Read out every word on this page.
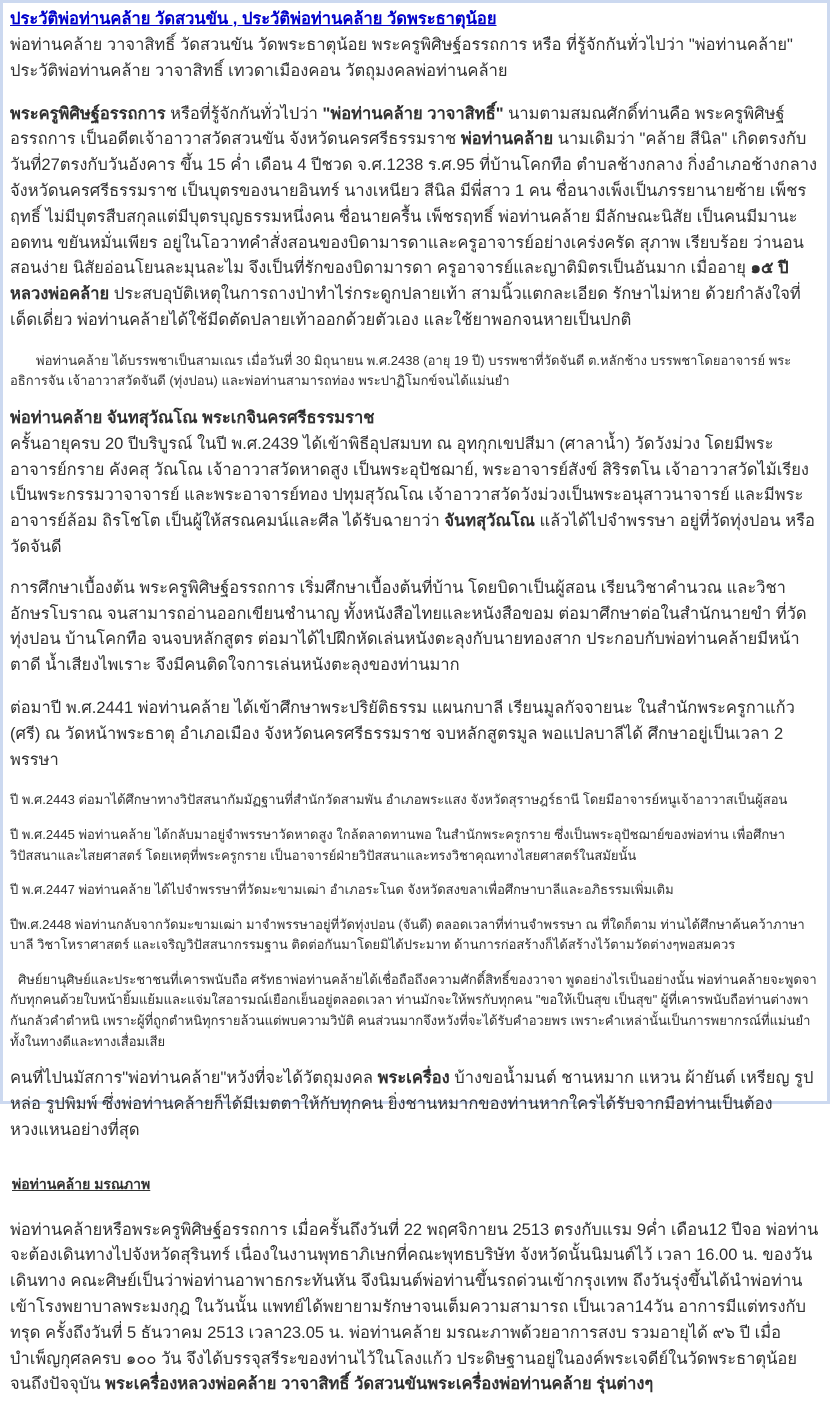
ประวัติพ่อท่านคล้าย วัดสวนขัน , ประวัติพ่อท่านคล้าย วัดพระธาตุน้อย

พ่อท่านคล้าย วาจาสิทธิ์ วัดสวนขัน วัดพระธาตุน้อย พระครูพิศิษฐ์อรรถการ หรือ ที่รู้จักกันทั่วไปว่า "พ่อท่านคล้าย" ประวัติพ่อท่านคล้าย วาจาสิทธิ์ เทวดาเมืองคอน วัตถุมงคลพ่อท่านคล้าย

พระครูพิศิษฐ์อรรถการ หรือที่รู้จักกันทั่วไปว่า "พ่อท่านคล้าย วาจาสิทธิ์" นามตามสมณศักดิ์ท่านคือ พระครูพิศิษฐ์อรรถการ เป็นอดีตเจ้าอาวาสวัดสวนขัน จังหวัดนครศรีธรรมราช พ่อท่านคล้าย นามเดิมว่า "คล้าย สีนิล" เกิดตรงกับ วันที่27ตรงกับวันอังคาร ขึ้น 15 ค่ำ เดือน 4 ปีชวด จ.ศ.1238 ร.ศ.95 ที่บ้านโคกทือ ตำบลช้างกลาง กิ่งอำเภอช้างกลาง จังหวัดนครศรีธรรมราช เป็นบุตรของนายอินทร์ นางเหนียว สีนิล มีพี่สาว 1 คน ชื่อนางเพ็งเป็นภรรยานายซ้าย เพ็ชรฤทธิ์ ไม่มีบุตรสืบสกุลแต่มีบุตรบุญธรรมหนึ่งคน ชื่อนายครื้น เพ็ชรฤทธิ์ พ่อท่านคล้าย มีลักษณะนิสัย เป็นคนมีมานะอดทน ขยันหมั่นเพียร อยู่ในโอวาทคำสั่งสอนของบิดามารดาและครูอาจารย์อย่างเคร่งครัด สุภาพ เรียบร้อย ว่านอนสอนง่าย นิสัยอ่อนโยนละมุนละไม จึงเป็นที่รักของบิดามารดา ครูอาจารย์และญาติมิตรเป็นอันมาก เมื่ออายุ ๑๕ ปี หลวงพ่อคล้าย ประสบอุบัติเหตุในการถางป่าทำไร่กระดูกปลายเท้า สามนิ้วแตกละเอียด รักษาไม่หาย ด้วยกำลังใจที่เด็ดเดี่ยว พ่อท่านคล้ายได้ใช้มีดตัดปลายเท้าออกด้วยตัวเอง และใช้ยาพอกจนหายเป็นปกติ

พ่อท่านคล้าย ได้บรรพชาเป็นสามเณร เมื่อวันที่ 30 มิถุนายน พ.ศ.2438 (อายุ 19 ปี) บรรพชาที่วัดจันดี ต.หลักช้าง บรรพชาโดยอาจารย์ พระอธิการจัน เจ้าอาวาสวัดจันดี (ทุ่งปอน) และพ่อท่านสามารถท่อง พระปาฏิโมกข์จนได้แม่นยำ

พ่อท่านคล้าย จันทสุวัณโณ พระเกจินครศรีธรรมราช

ครั้นอายุครบ 20 ปีบริบูรณ์ ในปี พ.ศ.2439 ได้เข้าพิธีอุปสมบท ณ อุทกุกเขปสีมา (ศาลาน้ำ) วัดวังม่วง โดยมีพระอาจารย์กราย คังคสุ วัณโณ เจ้าอาวาสวัดหาดสูง เป็นพระอุปัชฌาย์, พระอาจารย์สังข์ สิริรตโน เจ้าอาวาสวัดไม้เรียง เป็นพระกรรมวาจาจารย์ และพระอาจารย์ทอง ปทุมสุวัณโณ เจ้าอาวาสวัดวังม่วงเป็นพระอนุสาวนาจารย์ และมีพระอาจารย์ล้อม ถิรโชโต เป็นผู้ให้สรณคมน์และศีล ได้รับฉายาว่า จันทสุวัณโณ แล้วได้ไปจำพรรษา อยู่ที่วัดทุ่งปอน หรือวัดจันดี

การศึกษาเบื้องต้น พระครูพิศิษฐ์อรรถการ เริ่มศึกษาเบื้องต้นที่บ้าน โดยบิดาเป็นผู้สอน เรียนวิชาคำนวณ และวิชาอักษรโบราณ จนสามารถอ่านออกเขียนชำนาญ ทั้งหนังสือไทยและหนังสือขอม ต่อมาศึกษาต่อในสำนักนายขำ ที่วัดทุ่งปอน บ้านโคกทือ จนจบหลักสูตร ต่อมาได้ไปฝึกหัดเล่นหนังตะลุงกับนายทองสาก ประกอบกับพ่อท่านคล้ายมีหน้าตาดี น้ำเสียงไพเราะ จึงมีคนติดใจการเล่นหนังตะลุงของท่านมาก

ต่อมาปี พ.ศ.2441 พ่อท่านคล้าย ได้เข้าศึกษาพระปริยัติธรรม แผนกบาลี เรียนมูลกัจจายนะ ในสำนักพระครูกาแก้ว (ศรี) ณ วัดหน้าพระธาตุ อำเภอเมือง จังหวัดนครศรีธรรมราช จบหลักสูตรมูล พอแปลบาลีได้ ศึกษาอยู่เป็นเวลา 2 พรรษา

ปี พ.ศ.2443 ต่อมาได้ศึกษาทางวิปัสสนากัมมัฏฐานที่สำนักวัดสามพัน อำเภอพระแสง จังหวัดสุราษฎร์ธานี โดยมีอาจารย์หนูเจ้าอาวาสเป็นผู้สอน

ปี พ.ศ.2445 พ่อท่านคล้าย ได้กลับมาอยู่จำพรรษาวัดหาดสูง ใกล้ตลาดทานพอ ในสำนักพระครูกราย ซึ่งเป็นพระอุปัชฌาย์ของพ่อท่าน เพื่อศึกษาวิปัสสนาและไสยศาสตร์ โดยเหตุที่พระครูกราย เป็นอาจารย์ฝ่ายวิปัสสนาและทรงวิชาคุณทางไสยศาสตร์ในสมัยนั้น

ปี พ.ศ.2447 พ่อท่านคล้าย ได้ไปจำพรรษาที่วัดมะขามเฒ่า อำเภอระโนด จังหวัดสงขลาเพื่อศึกษาบาลีและอภิธรรมเพิ่มเติม

ปีพ.ศ.2448 พ่อท่านกลับจากวัดมะขามเฒ่า มาจำพรรษาอยู่ที่วัดทุ่งปอน (จันดี) ตลอดเวลาที่ท่านจำพรรษา ณ ที่ใดก็ตาม ท่านได้ศึกษาค้นคว้าภาษา บาลี วิชาโหราศาสตร์ และเจริญวิปัสสนากรรมฐาน ติดต่อกันมาโดยมิได้ประมาท ด้านการก่อสร้างก็ได้สร้างไว้ตามวัดต่างๆพอสมควร

ศิษย์ยานุศิษย์และประชาชนที่เคารพนับถือ ศรัทธาพ่อท่านคล้ายได้เชื่อถือถึงความศักดิ์สิทธิ์ของวาจา พูดอย่างไรเป็นอย่างนั้น พ่อท่านคล้ายจะพูดจากับทุกคนด้วยใบหน้ายิ้มแย้มและแจ่มใสอารมณ์เยือกเย็นอยู่ตลอดเวลา ท่านมักจะให้พรกับทุกคน "ขอให้เป็นสุข เป็นสุข" ผู้ที่เคารพนับถือท่านต่างพากันกลัวคำตำหนิ เพราะผู้ที่ถูกตำหนิทุกรายล้วนแต่พบความวิบัติ คนส่วนมากจึงหวังที่จะได้รับคำอวยพร เพราะคำเหล่านั้นเป็นการพยากรณ์ที่แม่นยำทั้งในทางดีและทางเสื่อมเสีย

คนที่ไปนมัสการ"พ่อท่านคล้าย"หวังที่จะได้วัตถุมงคล พระเครื่อง บ้างขอน้ำมนต์ ชานหมาก แหวน ผ้ายันต์ เหรียญ รูปหล่อ รูปพิมพ์ ซึ่งพ่อท่านคล้ายก็ได้มีเมตตาให้กับทุกคน ยิ่งชานหมากของท่านหากใครได้รับจากมือท่านเป็นต้องหวงแหนอย่างที่สุด

พ่อท่านคล้าย มรณภาพ

พ่อท่านคล้ายหรือพระครูพิศิษฐ์อรรถการ เมื่อครั้นถึงวันที่ 22 พฤศจิกายน 2513 ตรงกับแรม 9ค่ำ เดือน12 ปีจอ พ่อท่านจะต้องเดินทางไปจังหวัดสุรินทร์ เนื่องในงานพุทธาภิเษกที่คณะพุทธบริษัท จังหวัดนั้นนิมนต์ไว้ เวลา 16.00 น. ของวันเดินทาง คณะศิษย์เป็นว่าพ่อท่านอาพาธกระทันหัน จึงนิมนต์พ่อท่านขึ้นรถด่วนเข้ากรุงเทพ ถึงวันรุ่งขึ้นได้นำพ่อท่านเข้าโรงพยาบาลพระมงกุฎ ในวันนั้น แพทย์ได้พยายามรักษาจนเต็มความสามารถ เป็นเวลา14วัน อาการมีแต่ทรงกับทรุด ครั้งถึงวันที่ 5 ธันวาคม 2513 เวลา23.05 น. พ่อท่านคล้าย มรณะภาพด้วยอาการสงบ รวมอายุได้ ๙๖ ปี เมื่อบำเพ็ญกุศลครบ ๑๐๐ วัน จึงได้บรรจุสรีระของท่านไว้ในโลงแก้ว ประดิษฐานอยู่ในองค์พระเจดีย์ในวัดพระธาตุน้อยจนถึงปัจจุบัน พระเครื่องหลวงพ่อคล้าย วาจาสิทธิ์ วัดสวนขันพระเครื่องพ่อท่านคล้าย รุ่นต่างๆ
